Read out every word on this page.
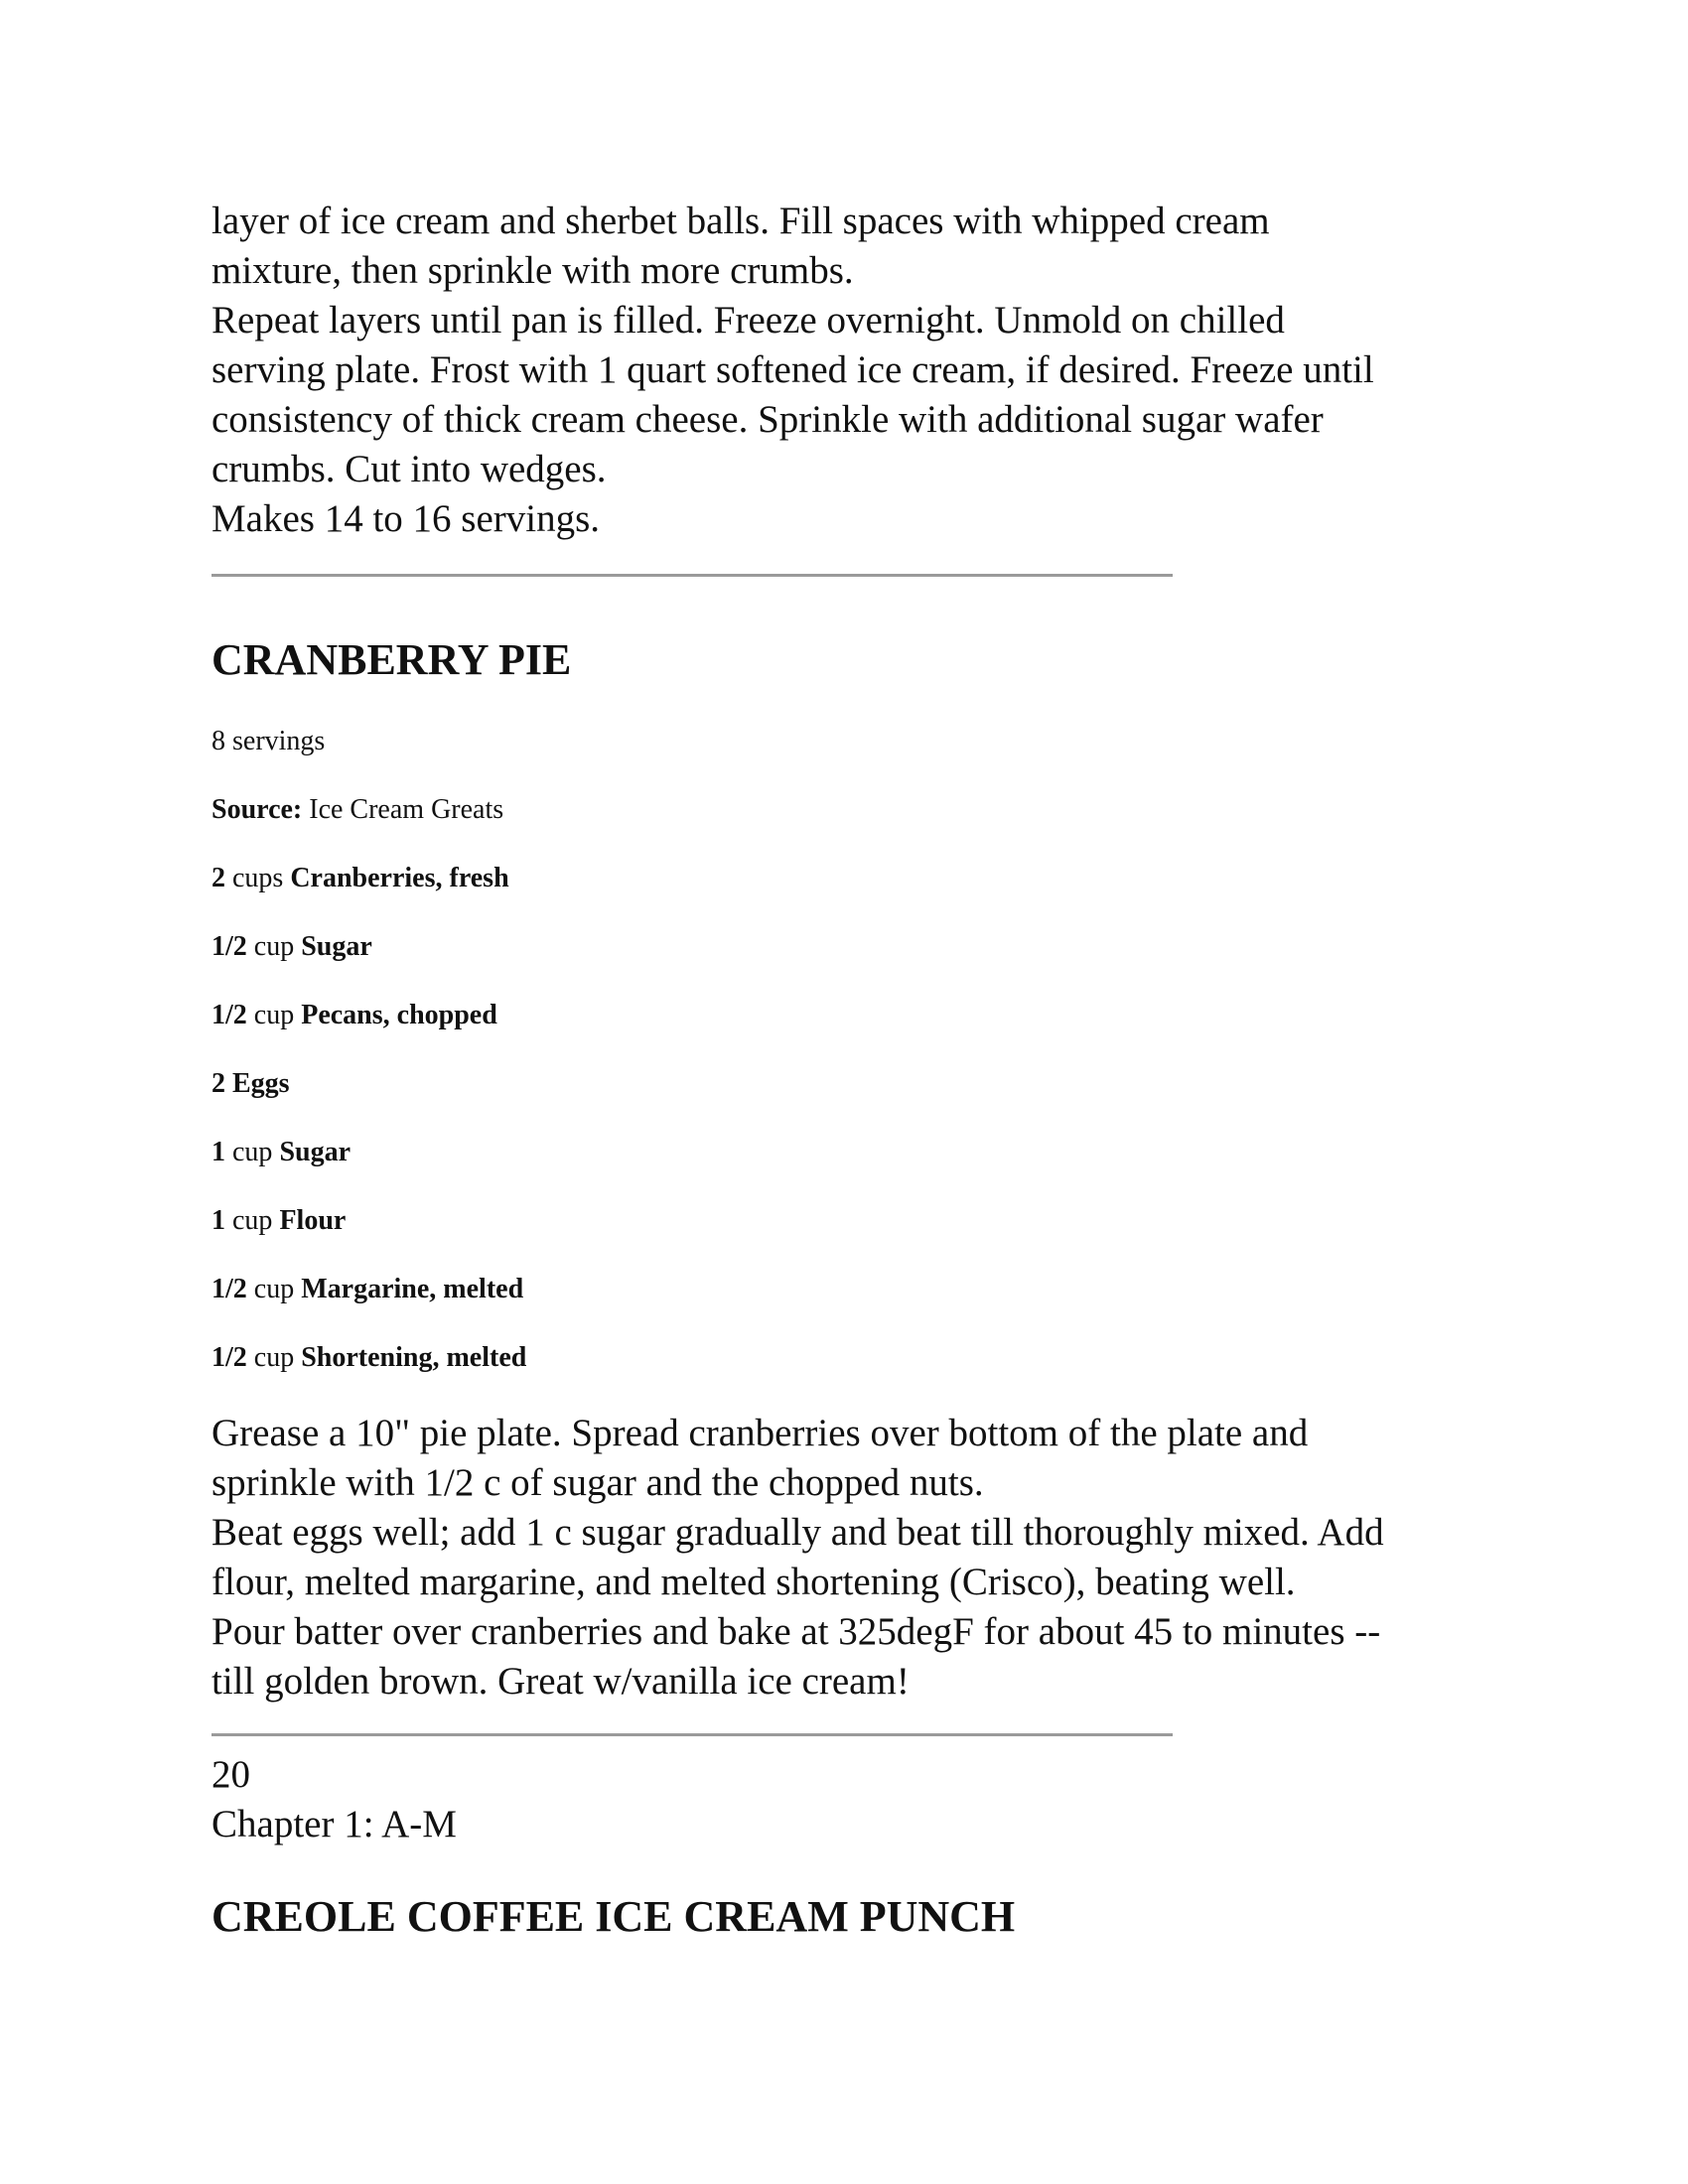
layer of ice cream and sherbet balls. Fill spaces with whipped cream

mixture, then sprinkle with more crumbs.

Repeat layers until pan is filled. Freeze overnight. Unmold on chilled

serving plate. Frost with 1 quart softened ice cream, if desired. Freeze until

consistency of thick cream cheese. Sprinkle with additional sugar wafer

crumbs. Cut into wedges.

Makes 14 to 16 servings.

CRANBERRY PIE

8 servings

Source: Ice Cream Greats

2 cups Cranberries, fresh

1/2 cup Sugar

1/2 cup Pecans, chopped

2 Eggs

1 cup Sugar

1 cup Flour

1/2 cup Margarine, melted

1/2 cup Shortening, melted

Grease a 10" pie plate. Spread cranberries over bottom of the plate and

sprinkle with 1/2 c of sugar and the chopped nuts.

Beat eggs well; add 1 c sugar gradually and beat till thoroughly mixed. Add

flour, melted margarine, and melted shortening (Crisco), beating well.

Pour batter over cranberries and bake at 325degF for about 45 to minutes --

till golden brown. Great w/vanilla ice cream!

20
Chapter 1: A-M
CREOLE COFFEE ICE CREAM PUNCH
